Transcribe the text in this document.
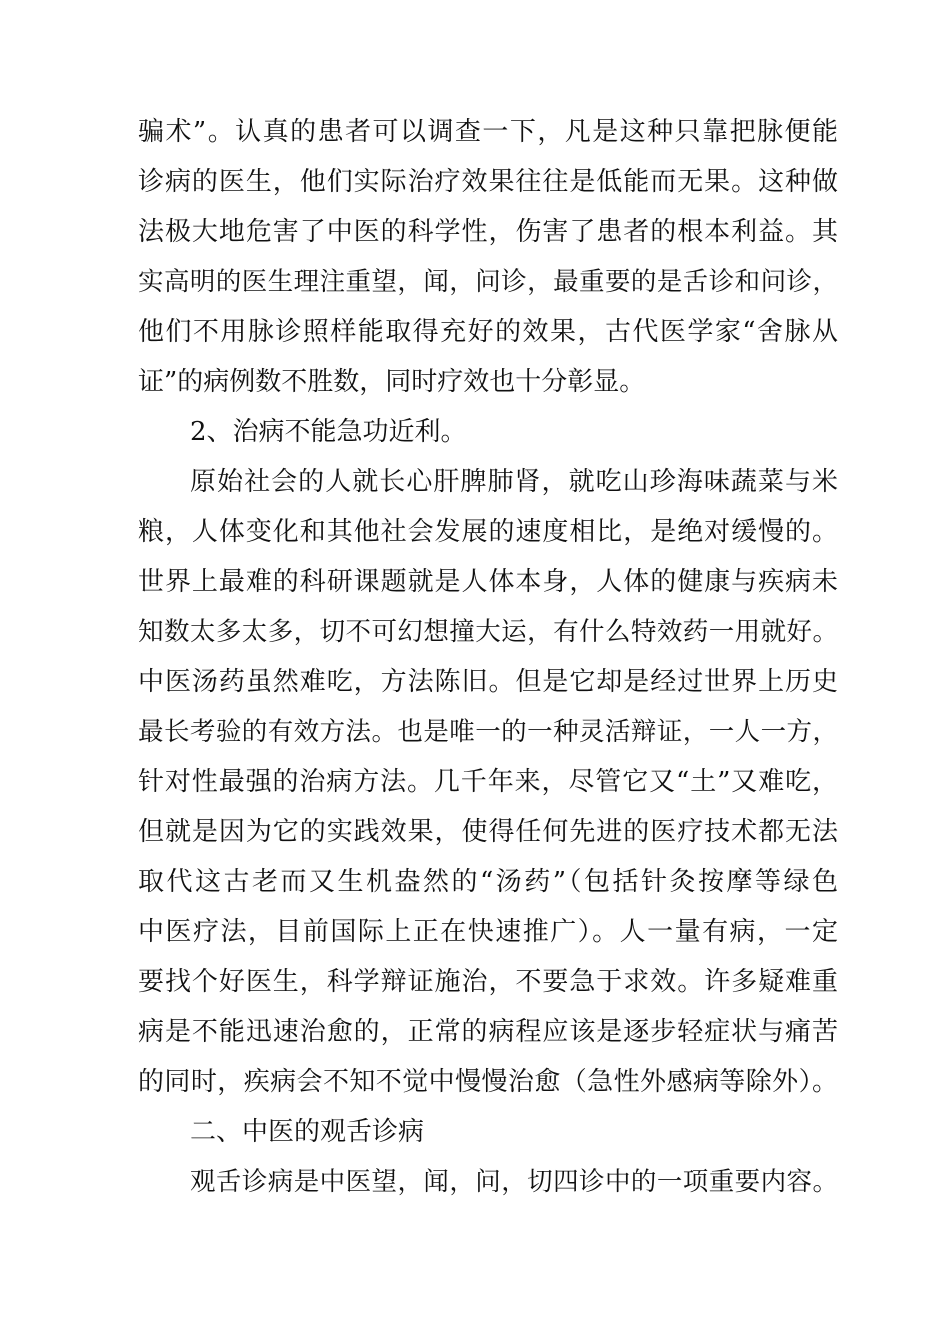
骗术”。认真的患者可以调查一下，凡是这种只靠把脉便能
诊病的医生，他们实际治疗效果往往是低能而无果。这种做
法极大地危害了中医的科学性，伤害了患者的根本利益。其
实高明的医生理注重望，闻，问诊，最重要的是舌诊和问诊，
他们不用脉诊照样能取得充好的效果，古代医学家“舍脉从
证”的病例数不胜数，同时疗效也十分彰显。
2、治病不能急功近利。
原始社会的人就长心肝脾肺肾，就吃山珍海味蔬菜与米
粮，人体变化和其他社会发展的速度相比，是绝对缓慢的。
世界上最难的科研课题就是人体本身，人体的健康与疾病未
知数太多太多，切不可幻想撞大运，有什么特效药一用就好。
中医汤药虽然难吃，方法陈旧。但是它却是经过世界上历史
最长考验的有效方法。也是唯一的一种灵活辩证，一人一方，
针对性最强的治病方法。几千年来，尽管它又“土”又难吃，
但就是因为它的实践效果，使得任何先进的医疗技术都无法
取代这古老而又生机盎然的“汤药”（包括针灸按摩等绿色
中医疗法，目前国际上正在快速推广）。人一量有病，一定
要找个好医生，科学辩证施治，不要急于求效。许多疑难重
病是不能迅速治愈的，正常的病程应该是逐步轻症状与痛苦
的同时，疾病会不知不觉中慢慢治愈（急性外感病等除外）。
二、中医的观舌诊病
观舌诊病是中医望，闻，问，切四诊中的一项重要内容。
